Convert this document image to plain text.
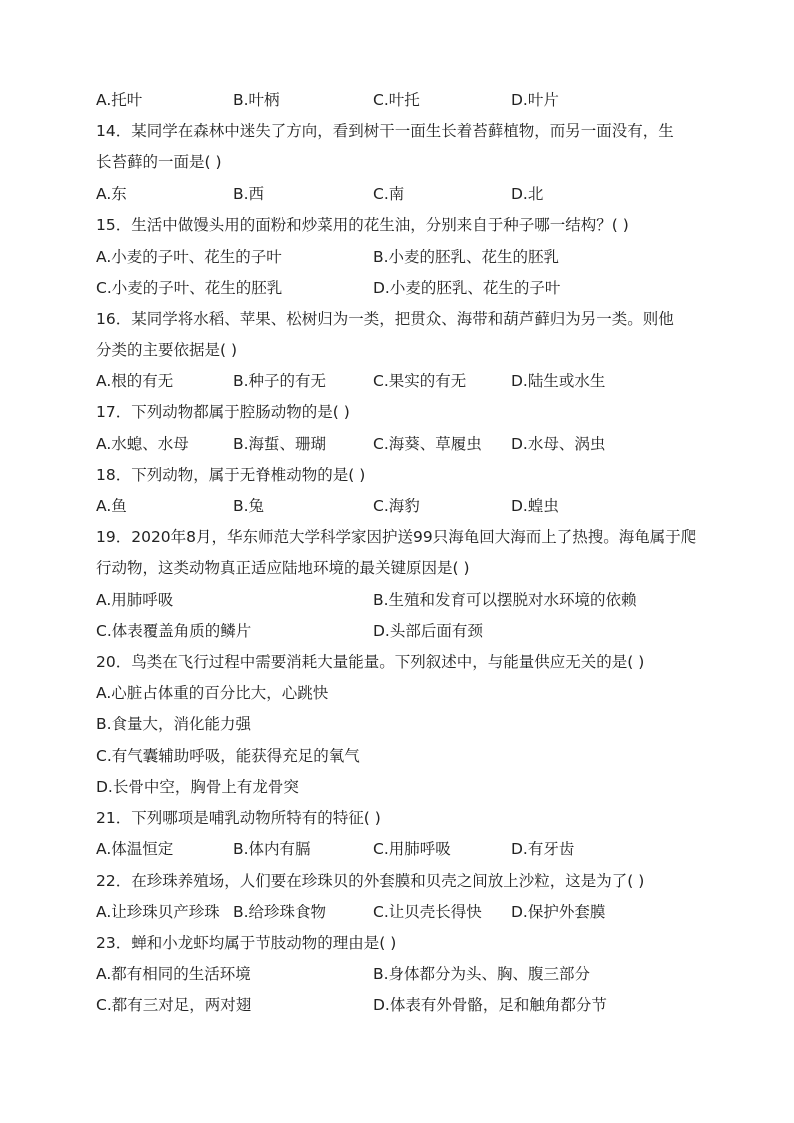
A.托叶	B.叶柄	C.叶托	D.叶片
14．某同学在森林中迷失了方向，看到树干一面生长着苔藓植物，而另一面没有，生
长苔藓的一面是( )
A.东	B.西	C.南	D.北
15．生活中做馒头用的面粉和炒菜用的花生油，分别来自于种子哪一结构？( )
A.小麦的子叶、花生的子叶	B.小麦的胚乳、花生的胚乳
C.小麦的子叶、花生的胚乳	D.小麦的胚乳、花生的子叶
16．某同学将水稻、苹果、松树归为一类，把贯众、海带和葫芦藓归为另一类。则他
分类的主要依据是( )
A.根的有无	B.种子的有无	C.果实的有无	D.陆生或水生
17．下列动物都属于腔肠动物的是( )
A.水螅、水母	B.海蜇、珊瑚	C.海葵、草履虫 D.水母、涡虫
18．下列动物，属于无脊椎动物的是( )
A.鱼	B.兔	C.海豹	D.蝗虫
19．2020年8月，华东师范大学科学家因护送99只海龟回大海而上了热搜。海龟属于爬
行动物，这类动物真正适应陆地环境的最关键原因是( )
A.用肺呼吸	B.生殖和发育可以摆脱对水环境的依赖
C.体表覆盖角质的鳞片	D.头部后面有颈
20．鸟类在飞行过程中需要消耗大量能量。下列叙述中，与能量供应无关的是( )
A.心脏占体重的百分比大，心跳快
B.食量大，消化能力强
C.有气囊辅助呼吸，能获得充足的氧气
D.长骨中空，胸骨上有龙骨突
21．下列哪项是哺乳动物所特有的特征( )
A.体温恒定	B.体内有膈	C.用肺呼吸	D.有牙齿
22．在珍珠养殖场，人们要在珍珠贝的外套膜和贝壳之间放上沙粒，这是为了( )
A.让珍珠贝产珍珠 B.给珍珠食物	C.让贝壳长得快 D.保护外套膜
23．蝉和小龙虾均属于节肢动物的理由是( )
A.都有相同的生活环境	B.身体都分为头、胸、腹三部分
C.都有三对足，两对翅	D.体表有外骨骼，足和触角都分节
